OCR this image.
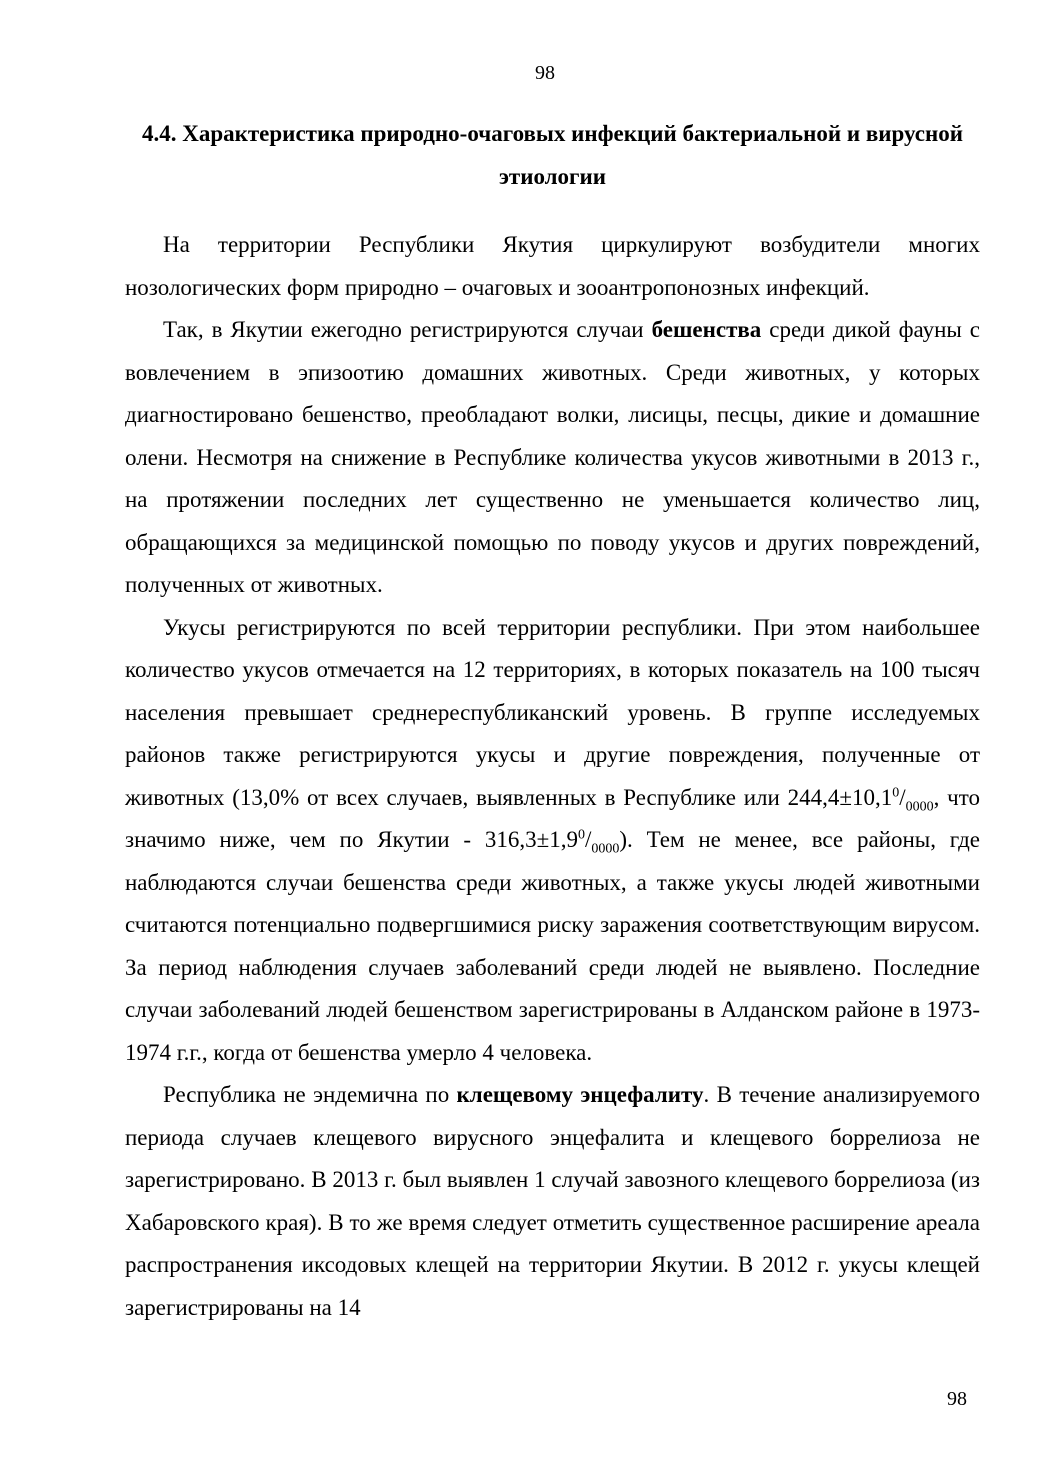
98
4.4. Характеристика природно-очаговых инфекций бактериальной и вирусной этиологии

На территории Республики Якутия циркулируют возбудители многих нозологических форм природно – очаговых и зооантропонозных инфекций.

Так, в Якутии ежегодно регистрируются случаи бешенства среди дикой фауны с вовлечением в эпизоотию домашних животных. Среди животных, у которых диагностировано бешенство, преобладают волки, лисицы, песцы, дикие и домашние олени. Несмотря на снижение в Республике количества укусов животными в 2013 г., на протяжении последних лет существенно не уменьшается количество лиц, обращающихся за медицинской помощью по поводу укусов и других повреждений, полученных от животных.

Укусы регистрируются по всей территории республики. При этом наибольшее количество укусов отмечается на 12 территориях, в которых показатель на 100 тысяч населения превышает среднереспубликанский уровень. В группе исследуемых районов также регистрируются укусы и другие повреждения, полученные от животных (13,0% от всех случаев, выявленных в Республике или $244,4\pm 10,1^0/_{0000}$, что значимо ниже, чем по Якутии - $316,3\pm 1,9^0/_{0000}$). Тем не менее, все районы, где наблюдаются случаи бешенства среди животных, а также укусы людей животными считаются потенциально подвергшимися риску заражения соответствующим вирусом. За период наблюдения случаев заболеваний среди людей не выявлено. Последние случаи заболеваний людей бешенством зарегистрированы в Алданском районе в 1973-1974 г.г., когда от бешенства умерло 4 человека.

Республика не эндемична по клещевому энцефалиту. В течение анализируемого периода случаев клещевого вирусного энцефалита и клещевого боррелиоза не зарегистрировано. В 2013 г. был выявлен 1 случай завозного клещевого боррелиоза (из Хабаровского края). В то же время следует отметить существенное расширение ареала распространения иксодовых клещей на территории Якутии. В 2012 г. укусы клещей зарегистрированы на 14

98
